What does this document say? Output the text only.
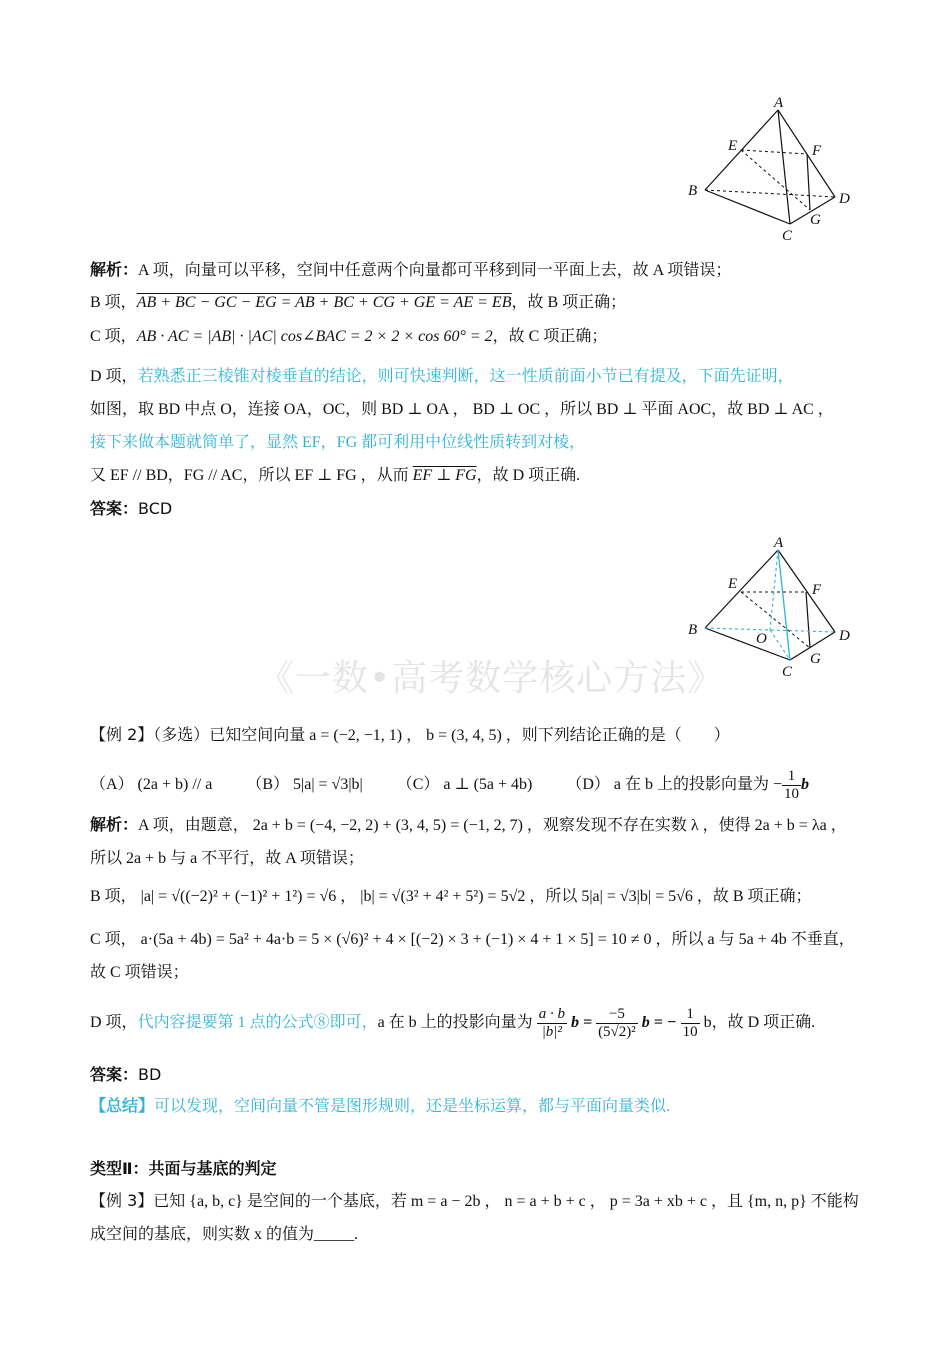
A
B
C
D
E	F
G
解析：A 项，向量可以平移，空间中任意两个向量都可平移到同一平面上去，故 A 项错误；
B 项，AB + BC − GC − EG = AB + BC + CG + GE = AE = EB，故 B 项正确；
C 项，AB · AC = |AB| · |AC| cos∠BAC = 2 × 2 × cos 60° = 2，故 C 项正确；
D 项，若熟悉正三棱锥对棱垂直的结论，则可快速判断，这一性质前面小节已有提及，下面先证明，
如图，取 BD 中点 O，连接 OA，OC，则 BD ⊥ OA ， BD ⊥ OC ，所以 BD ⊥ 平面 AOC，故 BD ⊥ AC ，
接下来做本题就简单了，显然 EF，FG 都可利用中位线性质转到对棱，
又 EF // BD，FG // AC，所以 EF ⊥ FG ，从而 EF ⊥ FG，故 D 项正确.
答案：BCD
A
B
C
D
E	F
G
O
《一数•高考数学核心方法》
【例 2】（多选）已知空间向量 a = (−2, −1, 1) ， b = (3, 4, 5) ，则下列结论正确的是（　　）
（A） (2a + b) // a （B） 5|a| = √3|b| （C） a ⊥ (5a + 4b) （D） a 在 b 上的投影向量为 − $\frac{1}{10}$ b
解析：A 项，由题意， 2a + b = (−4, −2, 2) + (3, 4, 5) = (−1, 2, 7) ，观察发现不存在实数 λ ，使得 2a + b = λa ，
所以 2a + b 与 a 不平行，故 A 项错误；
B 项， |a| = √((−2)² + (−1)² + 1²) = √6 ， |b| = √(3² + 4² + 5²) = 5√2 ，所以 5|a| = √3|b| = 5√6 ，故 B 项正确；
C 项， a·(5a + 4b) = 5a² + 4a·b = 5 × (√6)² + 4 × [(−2) × 3 + (−1) × 4 + 1 × 5] = 10 ≠ 0 ，所以 a 与 5a + 4b 不垂直，
故 C 项错误；
D 项，代内容提要第 1 点的公式⑧即可，a 在 b 上的投影向量为 $\frac{a \cdot b}{\text{|b|²}}$ $b = \frac{-5}{\text{(5√2)²}}$ b = − $\frac{1}{10}$ b，故 D 项正确.
答案：BD
【总结】可以发现，空间向量不管是图形规则，还是坐标运算，都与平面向量类似.
类型Ⅱ：共面与基底的判定
【例 3】已知 {a, b, c} 是空间的一个基底，若 m = a − 2b ， n = a + b + c ， p = 3a + xb + c ，且 {m, n, p} 不能构
成空间的基底，则实数 x 的值为_____.
